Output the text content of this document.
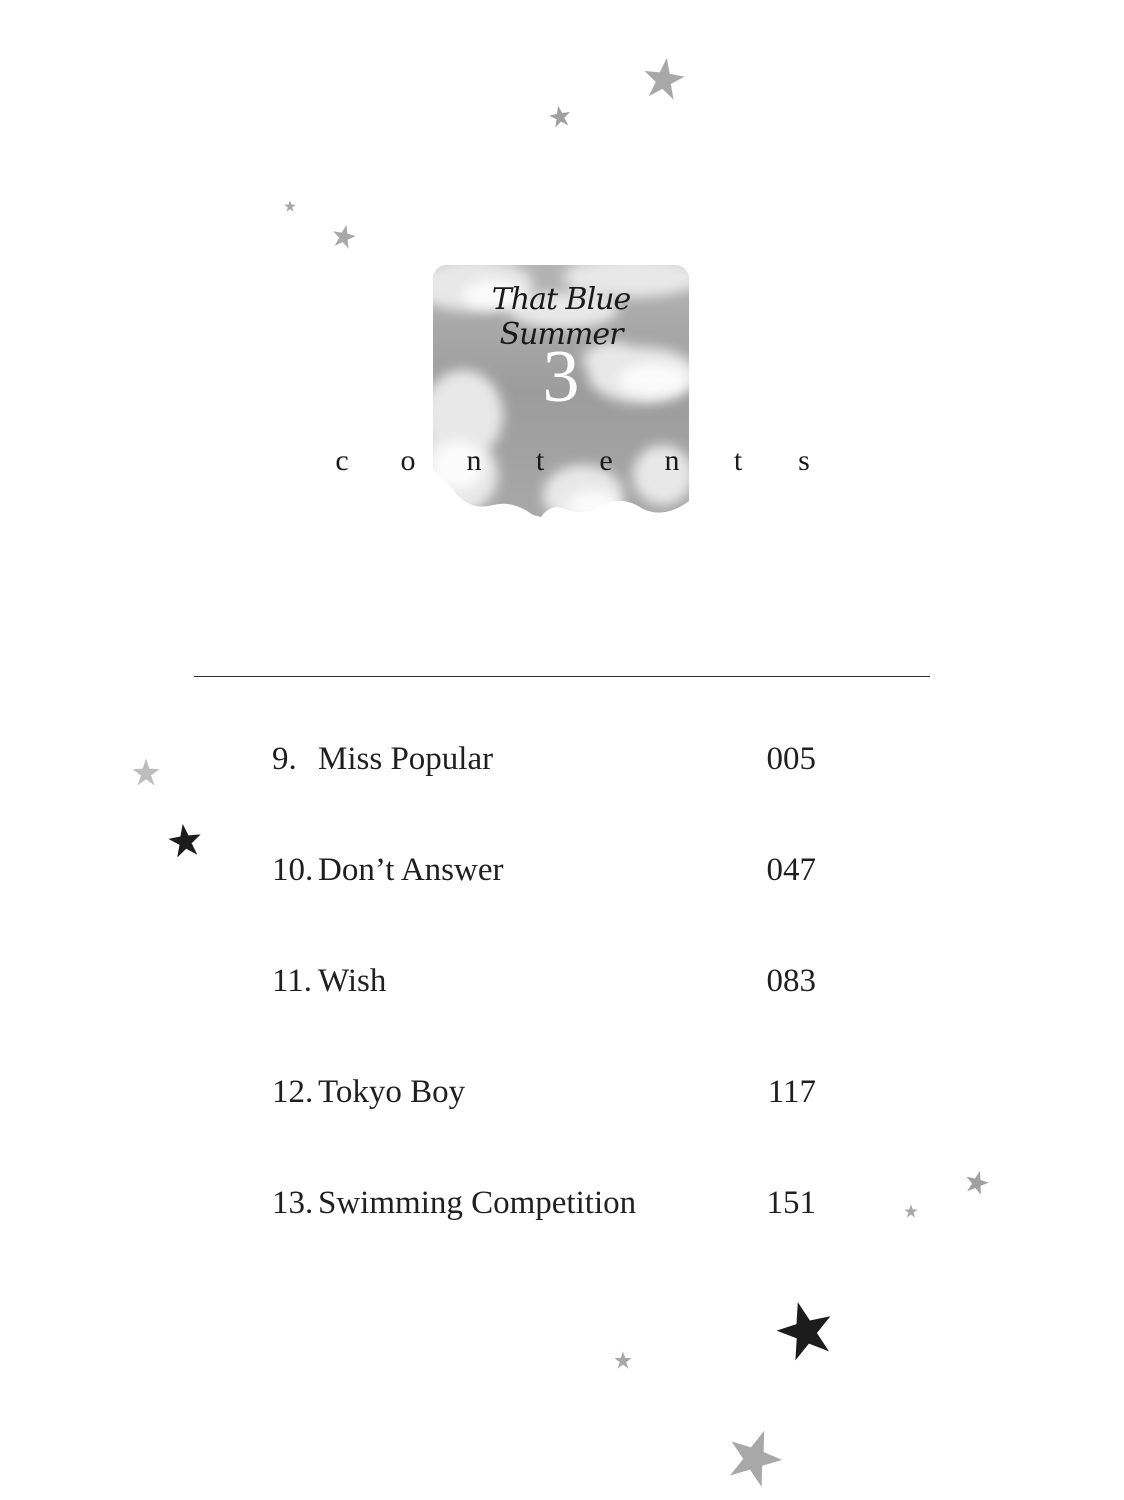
That Blue Summer
3
c o n t e n t s
9. Miss Popular	005
10. Don’t Answer	047
11. Wish	083
12. Tokyo Boy	117
13. Swimming Competition	151
